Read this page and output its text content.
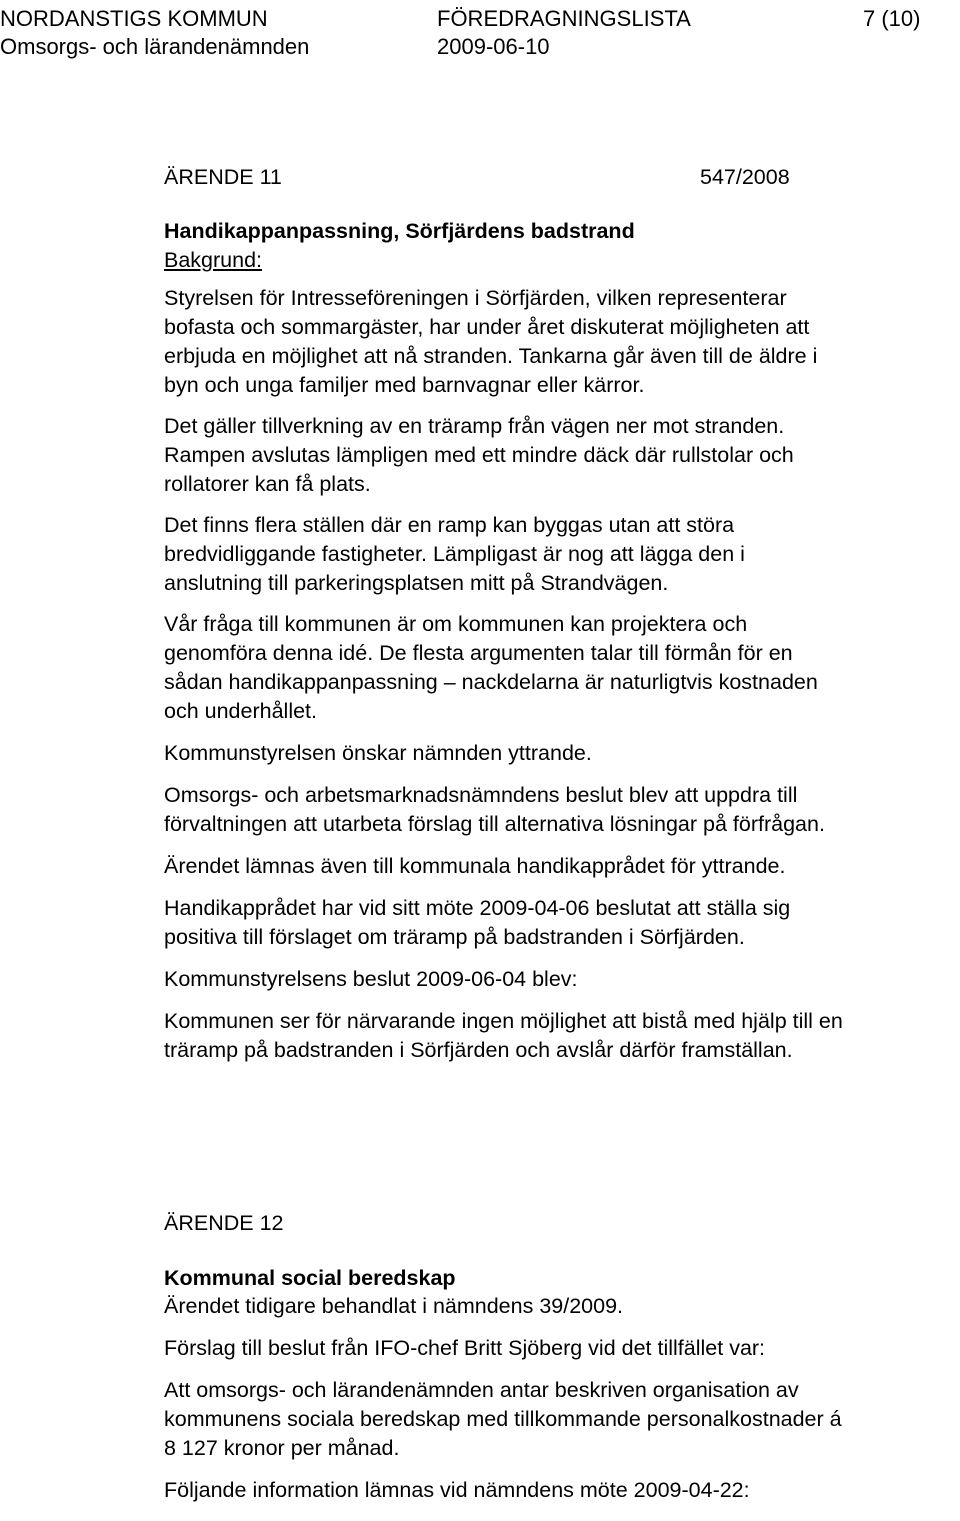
NORDANSTIGS KOMMUN	FÖREDRAGNINGSLISTA	7 (10)
Omsorgs- och lärandenämnden	2009-06-10
ÄRENDE 11	547/2008
Handikappanpassning, Sörfjärdens badstrand
Bakgrund:

Styrelsen för Intresseföreningen i Sörfjärden, vilken representerar
bofasta och sommargäster, har under året diskuterat möjligheten att
erbjuda en möjlighet att nå stranden. Tankarna går även till de äldre i
byn och unga familjer med barnvagnar eller kärror.

Det gäller tillverkning av en träramp från vägen ner mot stranden.
Rampen avslutas lämpligen med ett mindre däck där rullstolar och
rollatorer kan få plats.

Det finns flera ställen där en ramp kan byggas utan att störa
bredvidliggande fastigheter. Lämpligast är nog att lägga den i
anslutning till parkeringsplatsen mitt på Strandvägen.

Vår fråga till kommunen är om kommunen kan projektera och
genomföra denna idé. De flesta argumenten talar till förmån för en
sådan handikappanpassning – nackdelarna är naturligtvis kostnaden
och underhållet.

Kommunstyrelsen önskar nämnden yttrande.

Omsorgs- och arbetsmarknadsnämndens beslut blev att uppdra till
förvaltningen att utarbeta förslag till alternativa lösningar på förfrågan.

Ärendet lämnas även till kommunala handikapprådet för yttrande.

Handikapprådet har vid sitt möte 2009-04-06 beslutat att ställa sig
positiva till förslaget om träramp på badstranden i Sörfjärden.

Kommunstyrelsens beslut 2009-06-04 blev:

Kommunen ser för närvarande ingen möjlighet att bistå med hjälp till en
träramp på badstranden i Sörfjärden och avslår därför framställan.

ÄRENDE 12
Kommunal social beredskap

Ärendet tidigare behandlat i nämndens 39/2009.

Förslag till beslut från IFO-chef Britt Sjöberg vid det tillfället var:

Att omsorgs- och lärandenämnden antar beskriven organisation av
kommunens sociala beredskap med tillkommande personalkostnader á
8 127 kronor per månad.

Följande information lämnas vid nämndens möte 2009-04-22:
